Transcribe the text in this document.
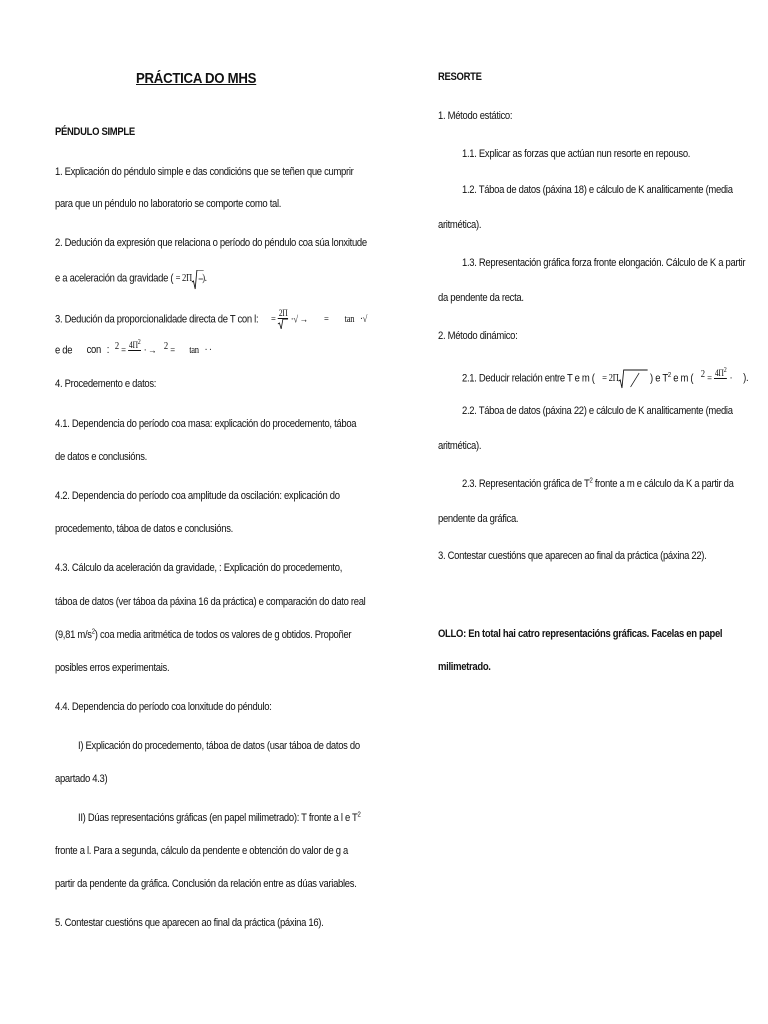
PRÁCTICA DO MHS
PÉNDULO SIMPLE
1. Explicación do péndulo simple e das condicións que se teñen que cumprir
para que un péndulo no laboratorio se comporte como tal.
2. Dedución da expresión que relaciona o período do péndulo coa súa lonxitude
e a aceleración da gravidade ( = 2Π ).
3. Dedución da proporcionalidade directa de T con l: =
2Π
·√ → = tan ·√
e de con : $^2$ =
$4\Pi^2$

· → $^2$ = tan · ·
4. Procedemento e datos:
4.1. Dependencia do período coa masa: explicación do procedemento, táboa
de datos e conclusións.
4.2. Dependencia do período coa amplitude da oscilación: explicación do
procedemento, táboa de datos e conclusións.
4.3. Cálculo da aceleración da gravidade, : Explicación do procedemento,
táboa de datos (ver táboa da páxina 16 da práctica) e comparación do dato real
(9,81 $m/s^2$) coa media aritmética de todos os valores de g obtidos. Propoñer
posibles erros experimentais.
4.4. Dependencia do período coa lonxitude do péndulo:
I) Explicación do procedemento, táboa de datos (usar táboa de datos do
apartado 4.3)
II) Dúas representacións gráficas (en papel milimetrado): T fronte a l e $T^2$
fronte a l. Para a segunda, cálculo da pendente e obtención do valor de g a
partir da pendente da gráfica. Conclusión da relación entre as dúas variables.
5. Contestar cuestións que aparecen ao final da práctica (páxina 16).
RESORTE
1. Método estático:
1.1. Explicar as forzas que actúan nun resorte en repouso.
1.2. Táboa de datos (páxina 18) e cálculo de K analiticamente (media
aritmética).
1.3. Representación gráfica forza fronte elongación. Cálculo de K a partir
da pendente da recta.
2. Método dinámico:
2.1. Deducir relación entre T e m ( = 2Π	) e $T^2$ e m ( $^2$ =
$4\Pi^2$

· ).
2.2. Táboa de datos (páxina 22) e cálculo de K analiticamente (media
aritmética).
2.3. Representación gráfica de $T^2$ fronte a m e cálculo da K a partir da
pendente da gráfica.
3. Contestar cuestións que aparecen ao final da práctica (páxina 22).
OLLO: En total hai catro representacións gráficas. Facelas en papel
milimetrado.
